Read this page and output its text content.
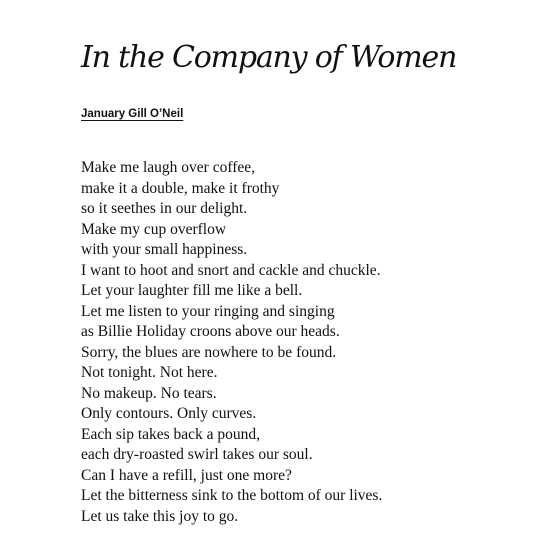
In the Company of Women
January Gill O’Neil
Make me laugh over coffee,
make it a double, make it frothy
so it seethes in our delight.
Make my cup overflow
with your small happiness.
I want to hoot and snort and cackle and chuckle.
Let your laughter fill me like a bell.
Let me listen to your ringing and singing
as Billie Holiday croons above our heads.
Sorry, the blues are nowhere to be found.
Not tonight. Not here.
No makeup. No tears.
Only contours. Only curves.
Each sip takes back a pound,
each dry-roasted swirl takes our soul.
Can I have a refill, just one more?
Let the bitterness sink to the bottom of our lives.
Let us take this joy to go.
